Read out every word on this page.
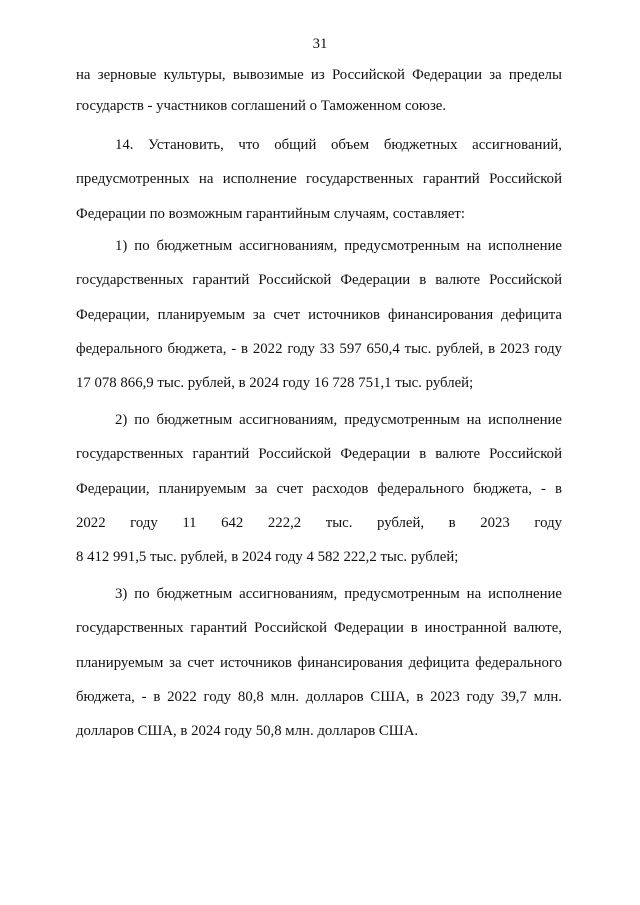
31
на зерновые культуры, вывозимые из Российской Федерации за пределы
государств - участников соглашений о Таможенном союзе.
14. Установить, что общий объем бюджетных ассигнований,
предусмотренных на исполнение государственных гарантий Российской
Федерации по возможным гарантийным случаям, составляет:
1) по бюджетным ассигнованиям, предусмотренным на исполнение
государственных гарантий Российской Федерации в валюте Российской
Федерации, планируемым за счет источников финансирования дефицита
федерального бюджета, - в 2022 году 33 597 650,4 тыс. рублей, в 2023 году
17 078 866,9 тыс. рублей, в 2024 году 16 728 751,1 тыс. рублей;
2) по бюджетным ассигнованиям, предусмотренным на исполнение
государственных гарантий Российской Федерации в валюте Российской
Федерации, планируемым за счет расходов федерального бюджета, - в
2022 году 11 642 222,2 тыс. рублей, в 2023 году
8 412 991,5 тыс. рублей, в 2024 году 4 582 222,2 тыс. рублей;
3) по бюджетным ассигнованиям, предусмотренным на исполнение
государственных гарантий Российской Федерации в иностранной валюте,
планируемым за счет источников финансирования дефицита федерального
бюджета, - в 2022 году 80,8 млн. долларов США, в 2023 году 39,7 млн.
долларов США, в 2024 году 50,8 млн. долларов США.
